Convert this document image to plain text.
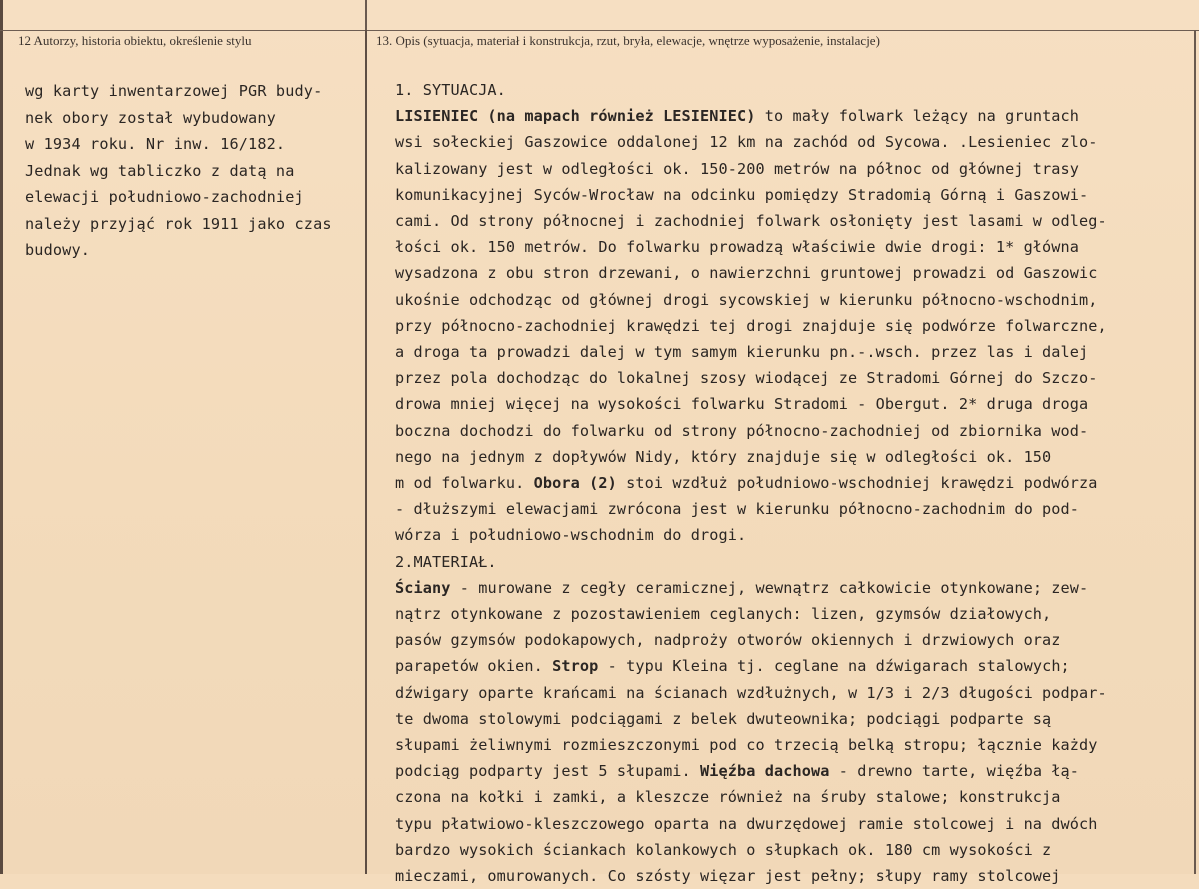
12 Autorzy, historia obiektu, określenie stylu	13. Opis (sytuacja, materiał i konstrukcja, rzut, bryła, elewacje, wnętrze wyposażenie, instalacje)
wg karty inwentarzowej PGR budy-
nek obory został wybudowany
w 1934 roku. Nr inw. 16/182.
Jednak wg tabliczko z datą na
elewacji południowo-zachodniej
należy przyjąć rok 1911 jako czas
budowy.
1. SYTUACJA.
LISIENIEC (na mapach również LESIENIEC) to mały folwark leżący na gruntach
wsi sołeckiej Gaszowice oddalonej 12 km na zachód od Sycowa. .Lesieniec zlo-
kalizowany jest w odległości ok. 150-200 metrów na północ od głównej trasy
komunikacyjnej Syców-Wrocław na odcinku pomiędzy Stradomią Górną i Gaszowi-
cami. Od strony północnej i zachodniej folwark osłonięty jest lasami w odleg-
łości ok. 150 metrów. Do folwarku prowadzą właściwie dwie drogi: 1* główna
wysadzona z obu stron drzewani, o nawierzchni gruntowej prowadzi od Gaszowic
ukośnie odchodząc od głównej drogi sycowskiej w kierunku północno-wschodnim,
przy północno-zachodniej krawędzi tej drogi znajduje się podwórze folwarczne,
a droga ta prowadzi dalej w tym samym kierunku pn.-.wsch. przez las i dalej
przez pola dochodząc do lokalnej szosy wiodącej ze Stradomi Górnej do Szczo-
drowa mniej więcej na wysokości folwarku Stradomi - Obergut. 2* druga droga
boczna dochodzi do folwarku od strony północno-zachodniej od zbiornika wod-
nego na jednym z dopływów Nidy, który znajduje się w odległości ok. 150
m od folwarku. Obora (2) stoi wzdłuż południowo-wschodniej krawędzi podwórza
- dłuższymi elewacjami zwrócona jest w kierunku północno-zachodnim do pod-
wórza i południowo-wschodnim do drogi.
2.MATERIAŁ.
Ściany - murowane z cegły ceramicznej, wewnątrz całkowicie otynkowane; zew-
nątrz otynkowane z pozostawieniem ceglanych: lizen, gzymsów działowych,
pasów gzymsów podokapowych, nadproży otworów okiennych i drzwiowych oraz
parapetów okien. Strop - typu Kleina tj. ceglane na dźwigarach stalowych;
dźwigary oparte krańcami na ścianach wzdłużnych, w 1/3 i 2/3 długości podpar-
te dwoma stolowymi podciągami z belek dwuteownika; podciągi podparte są
słupami żeliwnymi rozmieszczonymi pod co trzecią belką stropu; łącznie każdy
podciąg podparty jest 5 słupami. Więźba dachowa - drewno tarte, więźba łą-
czona na kołki i zamki, a kleszcze również na śruby stalowe; konstrukcja
typu płatwiowo-kleszczowego oparta na dwurzędowej ramie stolcowej i na dwóch
bardzo wysokich ściankach kolankowych o słupkach ok. 180 cm wysokości z
mieczami, omurowanych. Co szósty więzar jest pełny; słupy ramy stolcowej
